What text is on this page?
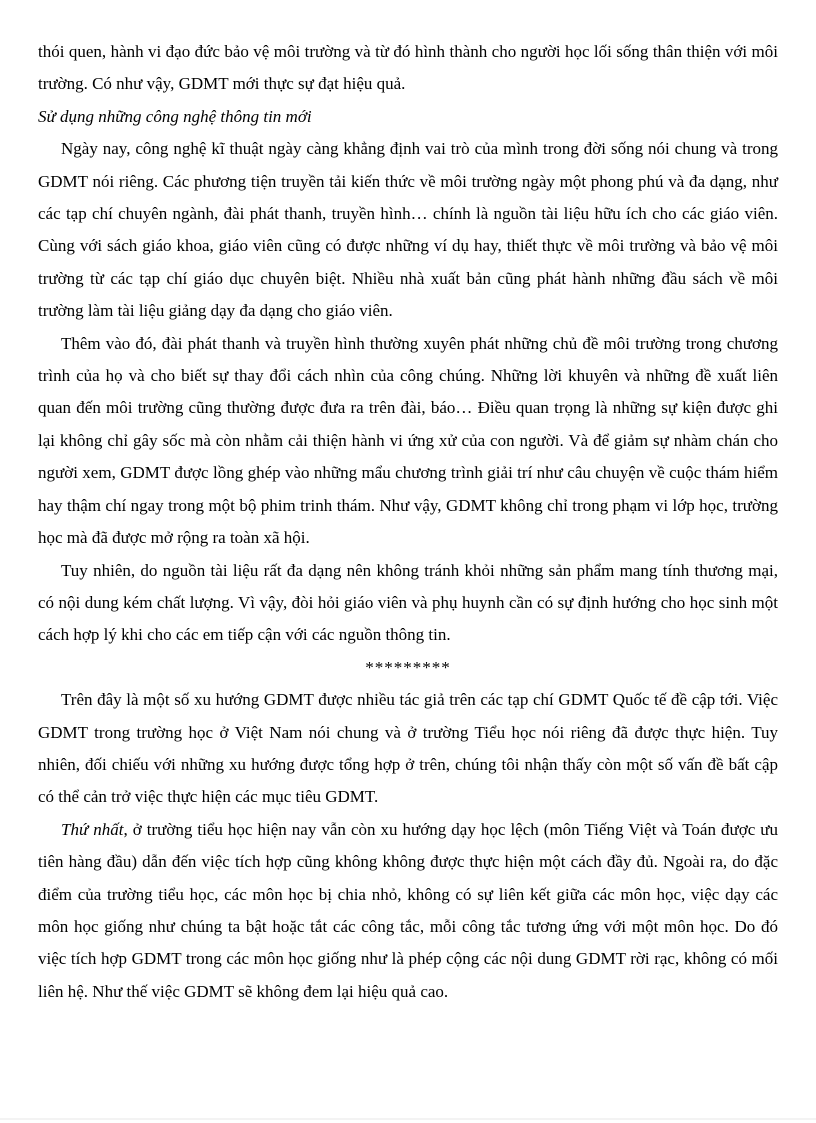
thói quen, hành vi đạo đức bảo vệ môi trường và từ đó hình thành cho người học lối sống thân thiện với môi trường. Có như vậy, GDMT mới thực sự đạt hiệu quả.

Sử dụng những công nghệ thông tin mới

Ngày nay, công nghệ kĩ thuật ngày càng khẳng định vai trò của mình trong đời sống nói chung và trong GDMT nói riêng. Các phương tiện truyền tải kiến thức về môi trường ngày một phong phú và đa dạng, như các tạp chí chuyên ngành, đài phát thanh, truyền hình… chính là nguồn tài liệu hữu ích cho các giáo viên. Cùng với sách giáo khoa, giáo viên cũng có được những ví dụ hay, thiết thực về môi trường và bảo vệ môi trường từ các tạp chí giáo dục chuyên biệt. Nhiều nhà xuất bản cũng phát hành những đầu sách về môi trường làm tài liệu giảng dạy đa dạng cho giáo viên.

Thêm vào đó, đài phát thanh và truyền hình thường xuyên phát những chủ đề môi trường trong chương trình của họ và cho biết sự thay đổi cách nhìn của công chúng. Những lời khuyên và những đề xuất liên quan đến môi trường cũng thường được đưa ra trên đài, báo… Điều quan trọng là những sự kiện được ghi lại không chỉ gây sốc mà còn nhằm cải thiện hành vi ứng xử của con người. Và để giảm sự nhàm chán cho người xem, GDMT được lồng ghép vào những mẩu chương trình giải trí như câu chuyện về cuộc thám hiểm hay thậm chí ngay trong một bộ phim trinh thám. Như vậy, GDMT không chỉ trong phạm vi lớp học, trường học mà đã được mở rộng ra toàn xã hội.

Tuy nhiên, do nguồn tài liệu rất đa dạng nên không tránh khỏi những sản phẩm mang tính thương mại, có nội dung kém chất lượng. Vì vậy, đòi hỏi giáo viên và phụ huynh cần có sự định hướng cho học sinh một cách hợp lý khi cho các em tiếp cận với các nguồn thông tin.

*********

Trên đây là một số xu hướng GDMT được nhiều tác giả trên các tạp chí GDMT Quốc tế đề cập tới. Việc GDMT trong trường học ở Việt Nam nói chung và ở trường Tiểu học nói riêng đã được thực hiện. Tuy nhiên, đối chiếu với những xu hướng được tổng hợp ở trên, chúng tôi nhận thấy còn một số vấn đề bất cập có thể cản trở việc thực hiện các mục tiêu GDMT.

Thứ nhất, ở trường tiểu học hiện nay vẫn còn xu hướng dạy học lệch (môn Tiếng Việt và Toán được ưu tiên hàng đầu) dẫn đến việc tích hợp cũng không không được thực hiện một cách đầy đủ. Ngoài ra, do đặc điểm của trường tiểu học, các môn học bị chia nhỏ, không có sự liên kết giữa các môn học, việc dạy các môn học giống như chúng ta bật hoặc tắt các công tắc, mỗi công tắc tương ứng với một môn học. Do đó việc tích hợp GDMT trong các môn học giống như là phép cộng các nội dung GDMT rời rạc, không có mối liên hệ. Như thế việc GDMT sẽ không đem lại hiệu quả cao.
